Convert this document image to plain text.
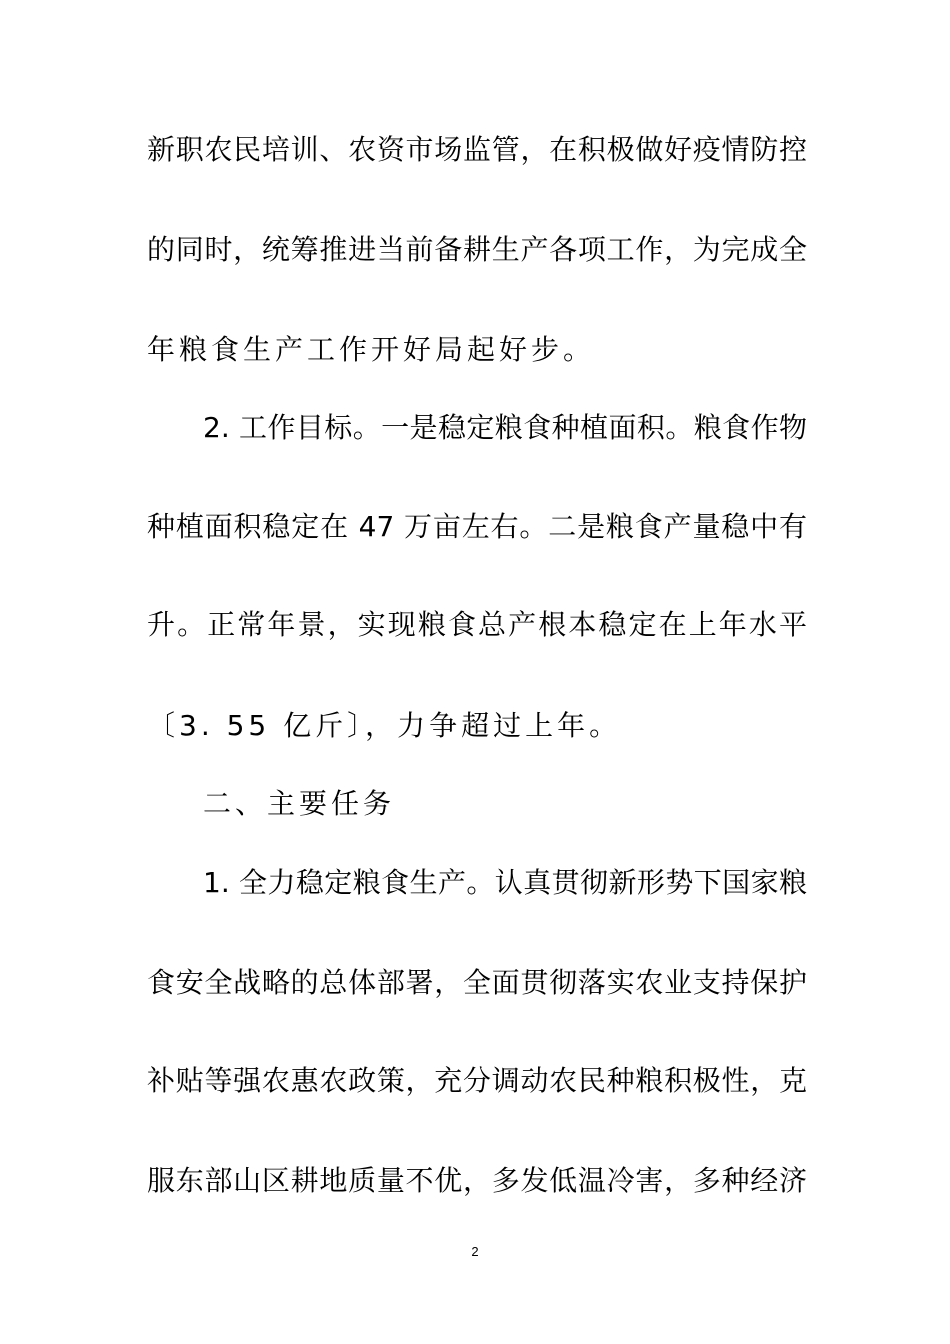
新职农民培训、农资市场监管，在积极做好疫情防控
的同时，统筹推进当前备耕生产各项工作，为完成全
年粮食生产工作开好局起好步。
2. 工作目标。一是稳定粮食种植面积。粮食作物
种植面积稳定在 47 万亩左右。二是粮食产量稳中有
升。正常年景，实现粮食总产根本稳定在上年水平
〔3. 55 亿斤〕，力争超过上年。
二、主要任务
1. 全力稳定粮食生产。认真贯彻新形势下国家粮
食安全战略的总体部署，全面贯彻落实农业支持保护
补贴等强农惠农政策，充分调动农民种粮积极性，克
服东部山区耕地质量不优，多发低温冷害，多种经济
2
